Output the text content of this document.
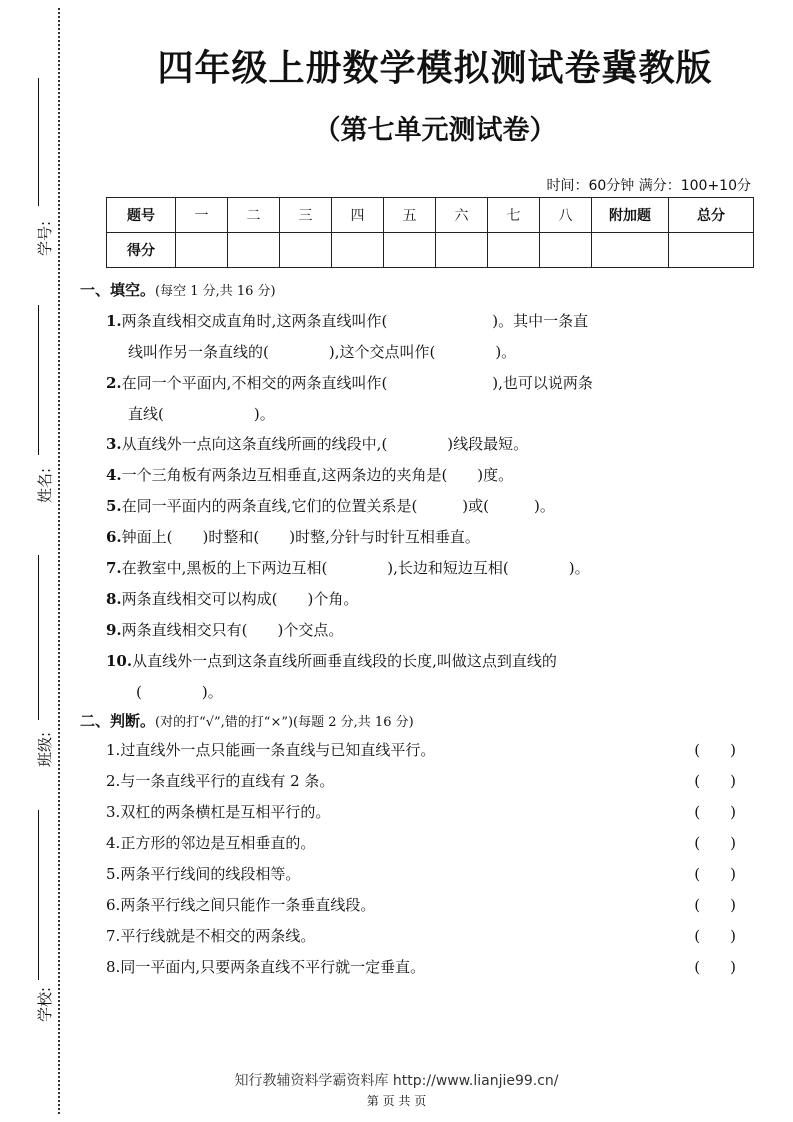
学号:
姓名:
班级:
学校:
四年级上册数学模拟测试卷冀教版
（第七单元测试卷）
时间：60分钟 满分：100+10分
题号	一	二	三	四	五	六	七	八	附加题	总分
得分										
一、填空。(每空 1 分,共 16 分)
1.两条直线相交成直角时,这两条直线叫作(　　　　　　　)。其中一条直
线叫作另一条直线的(　　　　),这个交点叫作(　　　　)。
2.在同一个平面内,不相交的两条直线叫作(　　　　　　　),也可以说两条
直线(　　　　　　)。
3.从直线外一点向这条直线所画的线段中,(　　　　)线段最短。
4.一个三角板有两条边互相垂直,这两条边的夹角是(　　)度。
5.在同一平面内的两条直线,它们的位置关系是(　　　)或(　　　)。
6.钟面上(　　)时整和(　　)时整,分针与时针互相垂直。
7.在教室中,黑板的上下两边互相(　　　　),长边和短边互相(　　　　)。
8.两条直线相交可以构成(　　)个角。
9.两条直线相交只有(　　)个交点。
10.从直线外一点到这条直线所画垂直线段的长度,叫做这点到直线的
(　　　　)。
二、判断。(对的打“√”,错的打“×”)(每题 2 分,共 16 分)
1.过直线外一点只能画一条直线与已知直线平行。	(　　)
2.与一条直线平行的直线有 2 条。	(　　)
3.双杠的两条横杠是互相平行的。	(　　)
4.正方形的邻边是互相垂直的。	(　　)
5.两条平行线间的线段相等。	(　　)
6.两条平行线之间只能作一条垂直线段。	(　　)
7.平行线就是不相交的两条线。	(　　)
8.同一平面内,只要两条直线不平行就一定垂直。	(　　)
知行教辅资料学霸资料库 http://www.lianjie99.cn/
第 页 共 页
